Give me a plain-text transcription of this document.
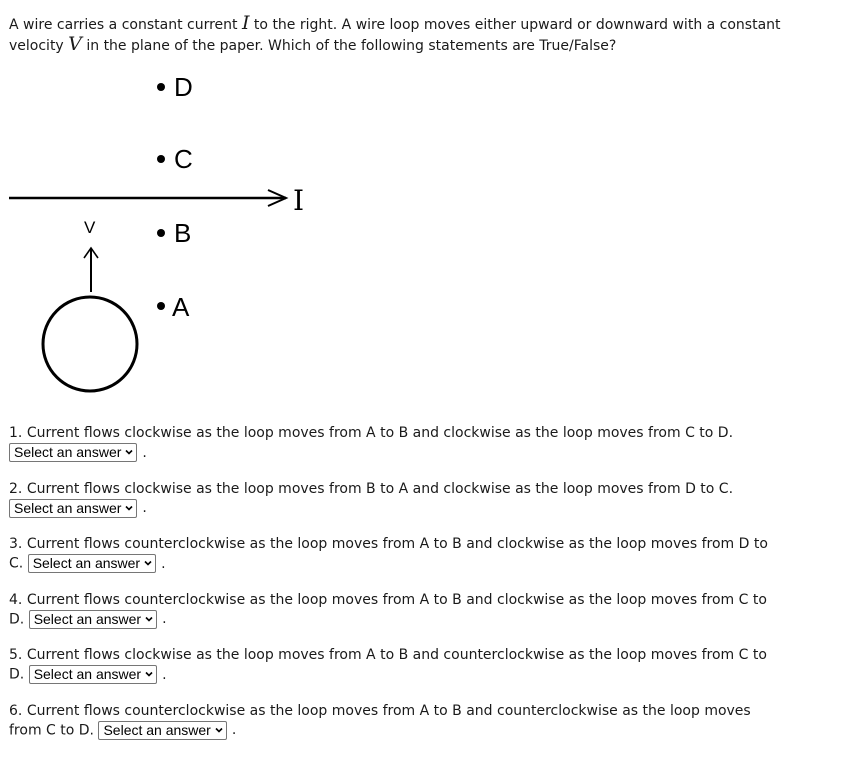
A wire carries a constant current I to the right. A wire loop moves either upward or downward with a constant velocity V in the plane of the paper. Which of the following statements are True/False?
D
C
I
B
A
V
1. Current flows clockwise as the loop moves from A to B and clockwise as the loop moves from C to D.
Select an answer .
2. Current flows clockwise as the loop moves from B to A and clockwise as the loop moves from D to C.
Select an answer .
3. Current flows counterclockwise as the loop moves from A to B and clockwise as the loop moves from D to C. Select an answer .
4. Current flows counterclockwise as the loop moves from A to B and clockwise as the loop moves from C to D. Select an answer .
5. Current flows clockwise as the loop moves from A to B and counterclockwise as the loop moves from C to D. Select an answer .
6. Current flows counterclockwise as the loop moves from A to B and counterclockwise as the loop moves from C to D. Select an answer .
